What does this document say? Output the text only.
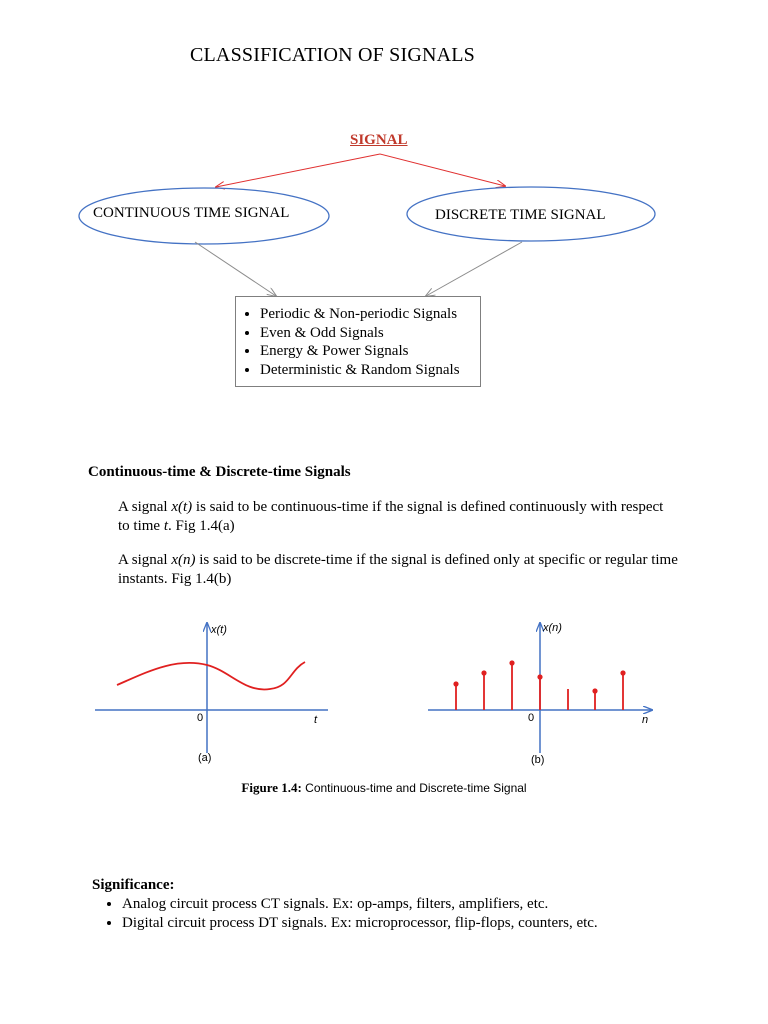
CLASSIFICATION OF SIGNALS
SIGNAL
CONTINUOUS TIME SIGNAL	DISCRETE TIME SIGNAL
• Periodic & Non-periodic Signals
• Even & Odd Signals
• Energy & Power Signals
• Deterministic & Random Signals
Continuous-time & Discrete-time Signals
A signal x(t) is said to be continuous-time if the signal is defined continuously with respect to time t. Fig 1.4(a)
A signal x(n) is said to be discrete-time if the signal is defined only at specific or regular time instants. Fig 1.4(b)
x(t)
t
0
(a)
x(n)
n
0
(b)
Figure 1.4: Continuous-time and Discrete-time Signal
Significance:
• Analog circuit process CT signals. Ex: op-amps, filters, amplifiers, etc.
• Digital circuit process DT signals. Ex: microprocessor, flip-flops, counters, etc.
